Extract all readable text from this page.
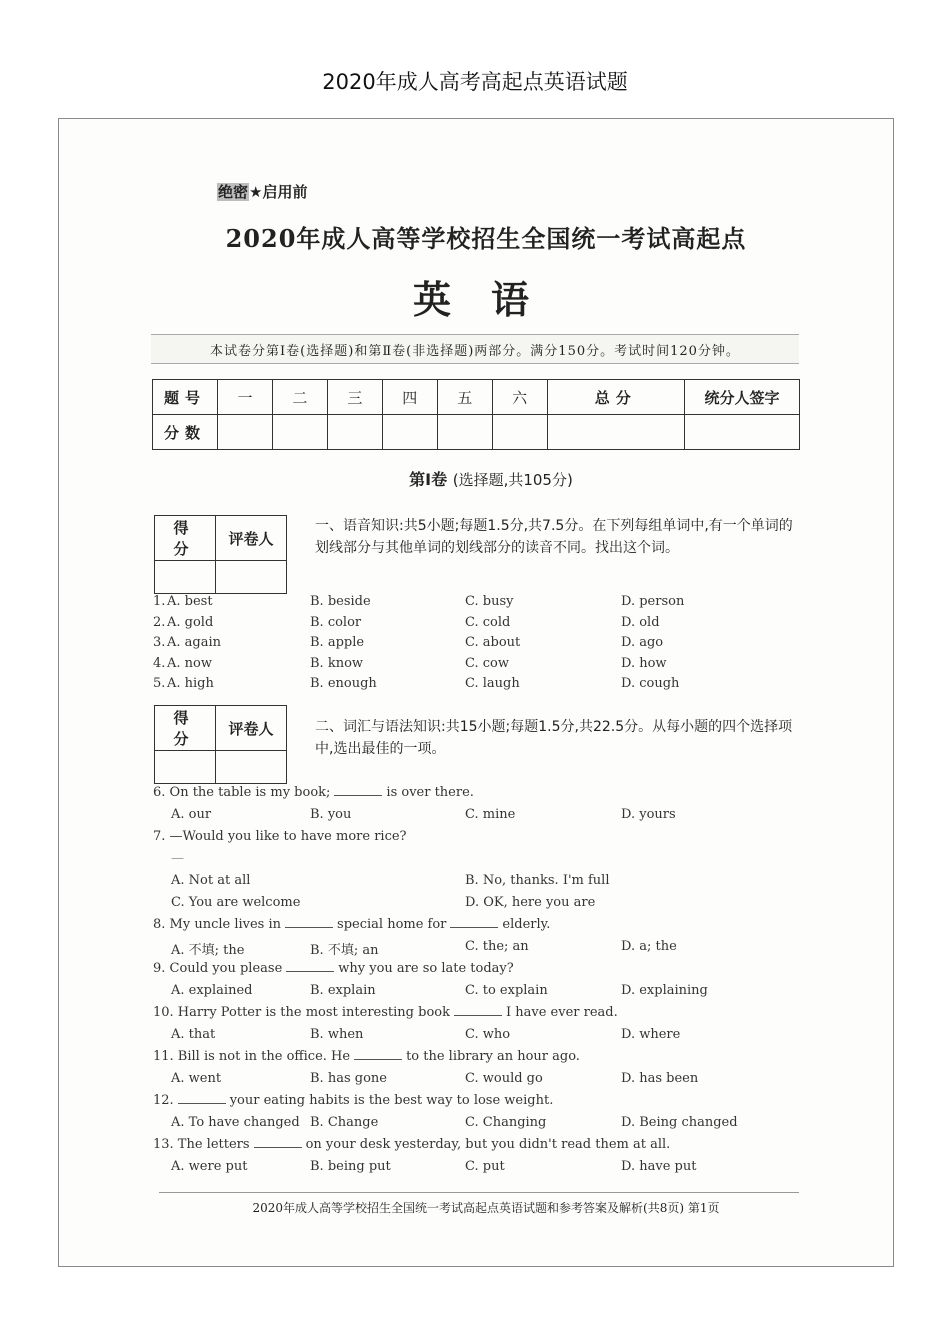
2020年成人高考高起点英语试题
绝密★启用前
2020年成人高等学校招生全国统一考试高起点
英语
本试卷分第Ⅰ卷(选择题)和第Ⅱ卷(非选择题)两部分。满分150分。考试时间120分钟。
题号	一	二	三	四	五	六	总分	统分人签字
分数								
第Ⅰ卷 (选择题,共105分)
得 分	评卷人

一、语音知识:共5小题;每题1.5分,共7.5分。在下列每组单词中,有一个单词的划线部分与其他单词的划线部分的读音不同。找出这个词。
1. A. best	B. beside	C. busy	D. person
2. A. gold	B. color	C. cold	D. old
3. A. again	B. apple	C. about	D. ago
4. A. now	B. know	C. cow	D. how
5. A. high	B. enough	C. laugh	D. cough
得 分	评卷人
		二、词汇与语法知识:共15小题;每题1.5分,共22.5分。从每小题的四个选择项中,选出最佳的一项。
6. On the table is my book;	is over there.
A. our	B. you	C. mine	D. yours
7. —Would you like to have more rice?
—
A. Not at all	B. No, thanks. I'm full
C. You are welcome	D. OK, here you are
8. My uncle lives in	special home for	elderly.
A. 不填; the	B. 不填; an	C. the; an	D. a; the
9. Could you please	why you are so late today?
A. explained	B. explain	C. to explain	D. explaining
10. Harry Potter is the most interesting book	I have ever read.
A. that	B. when	C. who	D. where
11. Bill is not in the office. He	to the library an hour ago.
A. went	B. has gone	C. would go	D. has been
12.	your eating habits is the best way to lose weight.
A. To have changed B. Change	C. Changing	D. Being changed
13. The letters	on your desk yesterday, but you didn't read them at all.
A. were put	B. being put	C. put	D. have put
2020年成人高等学校招生全国统一考试高起点英语试题和参考答案及解析(共8页) 第1页
